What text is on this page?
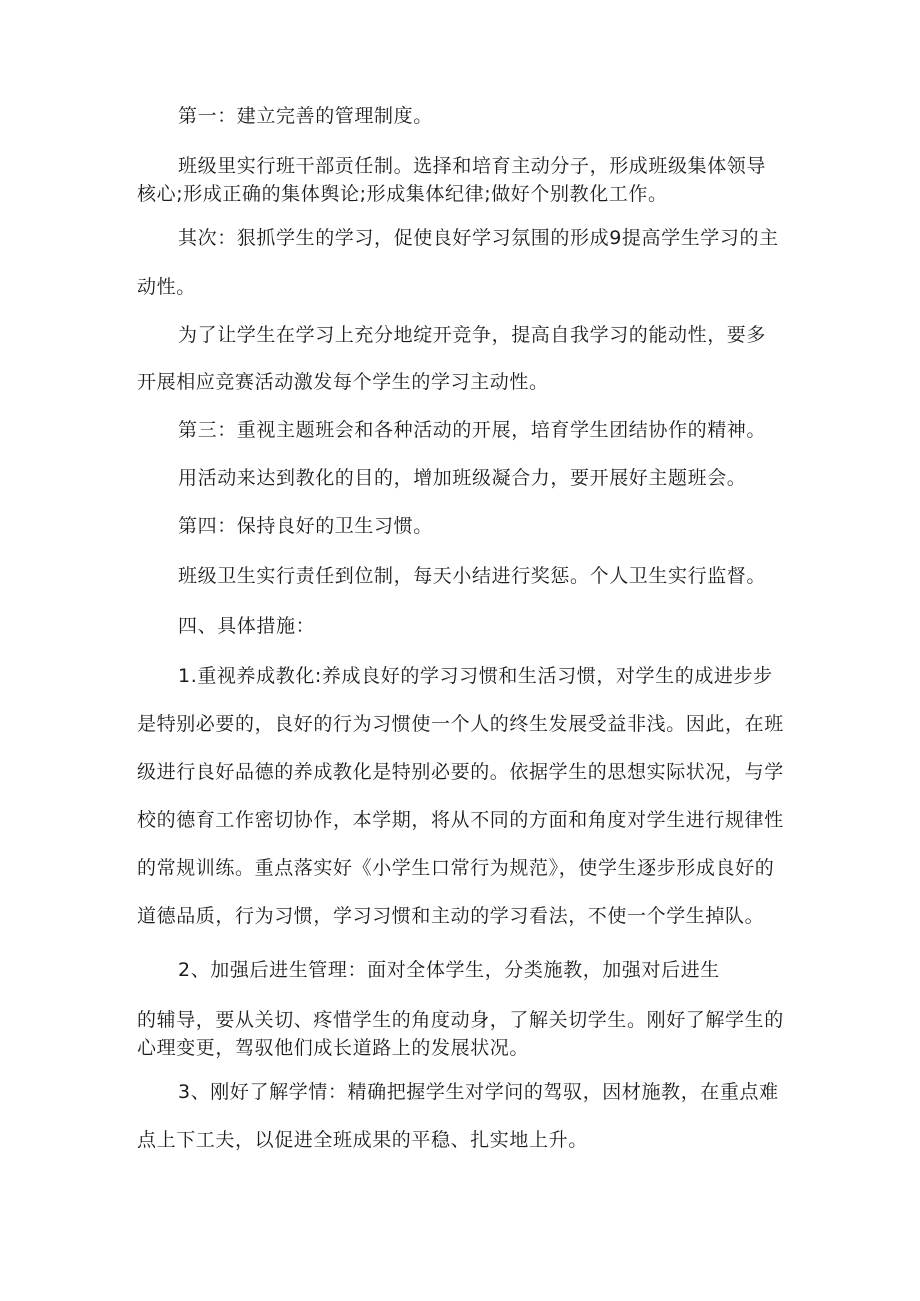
第一：建立完善的管理制度。
班级里实行班干部贡任制。选择和培育主动分子，形成班级集体领导
核心;形成正确的集体舆论;形成集体纪律;做好个别教化工作。
其次：狠抓学生的学习，促使良好学习氛围的形成9提高学生学习的主
动性。
为了让学生在学习上充分地绽开竞争，提高自我学习的能动性，要多
开展相应竞赛活动激发每个学生的学习主动性。
第三：重视主题班会和各种活动的开展，培育学生团结协作的精神。
用活动来达到教化的目的，增加班级凝合力，要开展好主题班会。
第四：保持良好的卫生习惯。
班级卫生实行责任到位制，每天小结进行奖惩。个人卫生实行监督。
四、具体措施：
1.重视养成教化:养成良好的学习习惯和生活习惯，对学生的成进步步
是特别必要的，良好的行为习惯使一个人的终生发展受益非浅。因此，在班
级进行良好品德的养成教化是特别必要的。依据学生的思想实际状况，与学
校的德育工作密切协作，本学期，将从不同的方面和角度对学生进行规律性
的常规训练。重点落实好《小学生口常行为规范》，使学生逐步形成良好的
道德品质，行为习惯，学习习惯和主动的学习看法，不使一个学生掉队。
2、加强后进生管理：面对全体学生，分类施教，加强对后进生
的辅导，要从关切、疼惜学生的角度动身，了解关切学生。刚好了解学生的
心理变更，驾驭他们成长道路上的发展状况。
3、刚好了解学情：精确把握学生对学问的驾驭，因材施教，在重点难
点上下工夫，以促进全班成果的平稳、扎实地上升。
